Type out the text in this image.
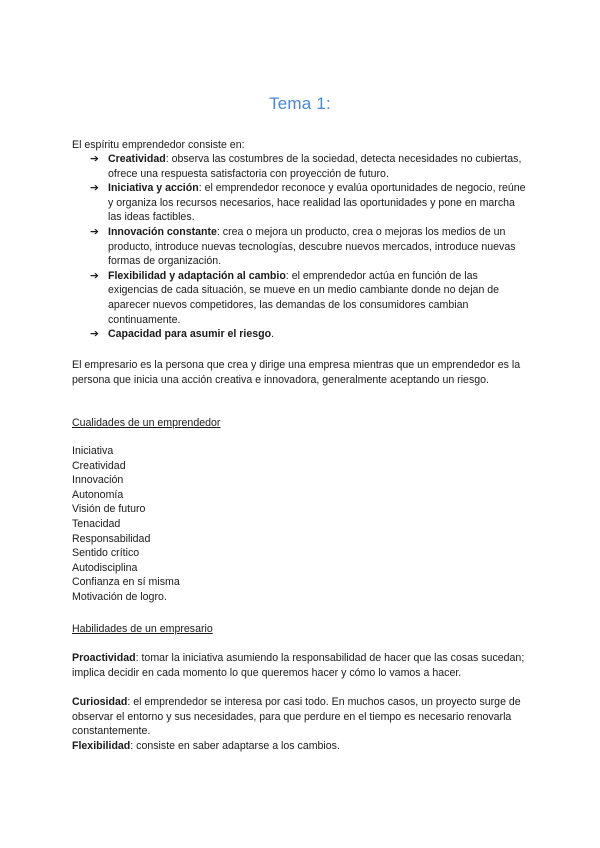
Tema 1:
El espíritu emprendedor consiste en:
➔ Creatividad: observa las costumbres de la sociedad, detecta necesidades no cubiertas, ofrece una respuesta satisfactoria con proyección de futuro.
➔ Iniciativa y acción: el emprendedor reconoce y evalúa oportunidades de negocio, reúne y organiza los recursos necesarios, hace realidad las oportunidades y pone en marcha las ideas factibles.
➔ Innovación constante: crea o mejora un producto, crea o mejoras los medios de un producto, introduce nuevas tecnologías, descubre nuevos mercados, introduce nuevas formas de organización.
➔ Flexibilidad y adaptación al cambio: el emprendedor actúa en función de las exigencias de cada situación, se mueve en un medio cambiante donde no dejan de aparecer nuevos competidores, las demandas de los consumidores cambian continuamente.
➔ Capacidad para asumir el riesgo.
El empresario es la persona que crea y dirige una empresa mientras que un emprendedor es la persona que inicia una acción creativa e innovadora, generalmente aceptando un riesgo.
Cualidades de un emprendedor
Iniciativa
Creatividad
Innovación
Autonomía
Visión de futuro
Tenacidad
Responsabilidad
Sentido crítico
Autodisciplina
Confianza en sí misma
Motivación de logro.
Habilidades de un empresario
Proactividad: tomar la iniciativa asumiendo la responsabilidad de hacer que las cosas sucedan; implica decidir en cada momento lo que queremos hacer y cómo lo vamos a hacer.
Curiosidad: el emprendedor se interesa por casi todo. En muchos casos, un proyecto surge de observar el entorno y sus necesidades, para que perdure en el tiempo es necesario renovarla constantemente.
Flexibilidad: consiste en saber adaptarse a los cambios.
